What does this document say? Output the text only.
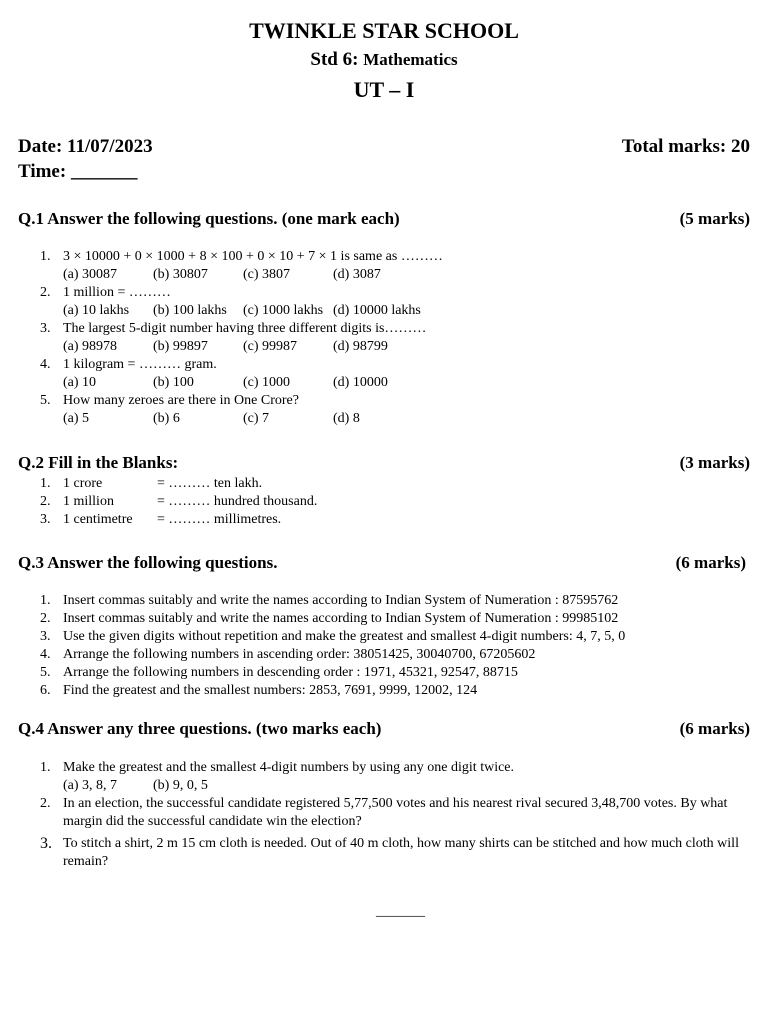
TWINKLE STAR SCHOOL
Std 6: Mathematics
UT – I
Date: 11/07/2023
Time: _______
Total marks: 20
Q.1 Answer the following questions. (one mark each)	(5 marks)
1. 3 × 10000 + 0 × 1000 + 8 × 100 + 0 × 10 + 7 × 1 is same as ………
(a) 30087	(b) 30807	(c) 3807	(d) 3087
2. 1 million = ………
(a) 10 lakhs	(b) 100 lakhs	(c) 1000 lakhs (d) 10000 lakhs
3. The largest 5-digit number having three different digits is………
(a) 98978	(b) 99897	(c) 99987	(d) 98799
4. 1 kilogram = ……… gram.
(a) 10	(b) 100	(c) 1000	(d) 10000
5. How many zeroes are there in One Crore?
(a) 5	(b) 6	(c) 7	(d) 8
Q.2 Fill in the Blanks:	(3 marks)
1. 1 crore	= ……… ten lakh.
2. 1 million	= ……… hundred thousand.
3. 1 centimetre	= ……… millimetres.
Q.3 Answer the following questions.	(6 marks)
1. Insert commas suitably and write the names according to Indian System of Numeration : 87595762
2. Insert commas suitably and write the names according to Indian System of Numeration : 99985102
3. Use the given digits without repetition and make the greatest and smallest 4-digit numbers: 4, 7, 5, 0
4. Arrange the following numbers in ascending order: 38051425, 30040700, 67205602
5. Arrange the following numbers in descending order : 1971, 45321, 92547, 88715
6. Find the greatest and the smallest numbers: 2853, 7691, 9999, 12002, 124
Q.4 Answer any three questions. (two marks each)	(6 marks)
1. Make the greatest and the smallest 4-digit numbers by using any one digit twice.
(a) 3, 8, 7	(b) 9, 0, 5
2. In an election, the successful candidate registered 5,77,500 votes and his nearest rival secured 3,48,700 votes. By what margin did the successful candidate win the election?
3. To stitch a shirt, 2 m 15 cm cloth is needed. Out of 40 m cloth, how many shirts can be stitched and how much cloth will remain?
_______
